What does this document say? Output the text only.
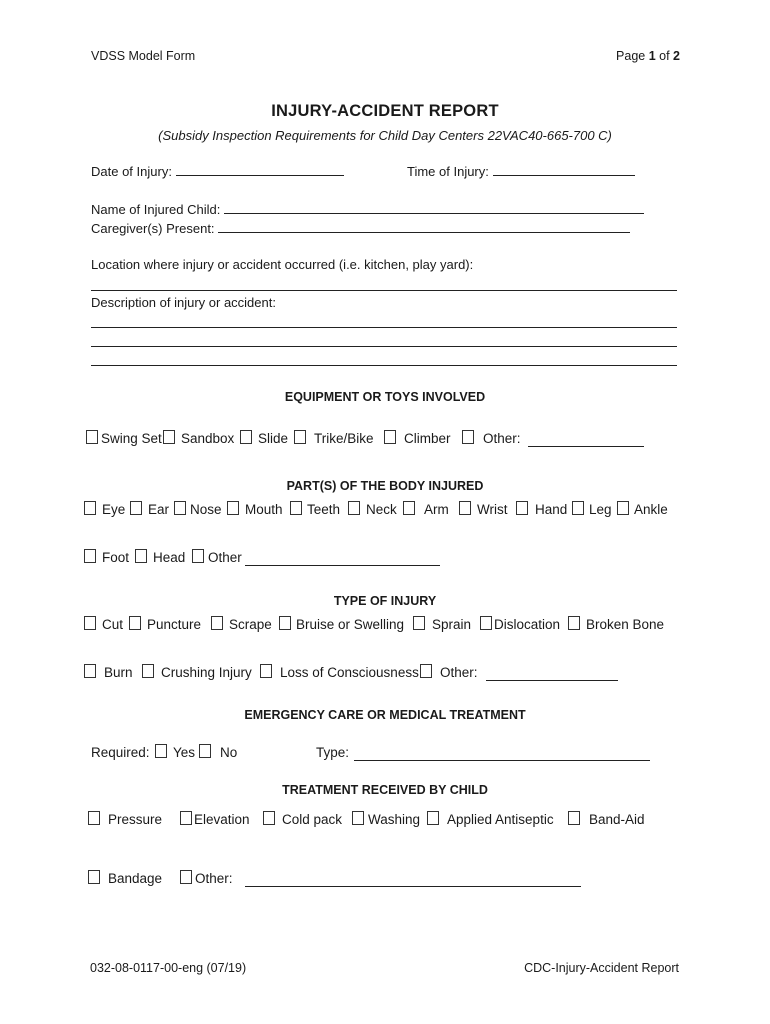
VDSS Model Form	Page 1 of 2
INJURY-ACCIDENT REPORT
(Subsidy Inspection Requirements for Child Day Centers 22VAC40-665-700 C)
Date of Injury:	Time of Injury:
Name of Injured Child:
Caregiver(s) Present:
Location where injury or accident occurred (i.e. kitchen, play yard):
Description of injury or accident:
EQUIPMENT OR TOYS INVOLVED
Swing Set Sandbox Slide Trike/Bike Climber Other:
PART(S) OF THE BODY INJURED
Eye Ear Nose Mouth Teeth Neck Arm Wrist Hand Leg Ankle
Foot Head Other
TYPE OF INJURY
Cut Puncture Scrape Bruise or Swelling Sprain Dislocation Broken Bone
Burn Crushing Injury Loss of Consciousness Other:
EMERGENCY CARE OR MEDICAL TREATMENT
Required: Yes No	Type:
TREATMENT RECEIVED BY CHILD
Pressure Elevation Cold pack Washing Applied Antiseptic	Band-Aid
Bandage Other:
032-08-0117-00-eng (07/19)	CDC-Injury-Accident Report
